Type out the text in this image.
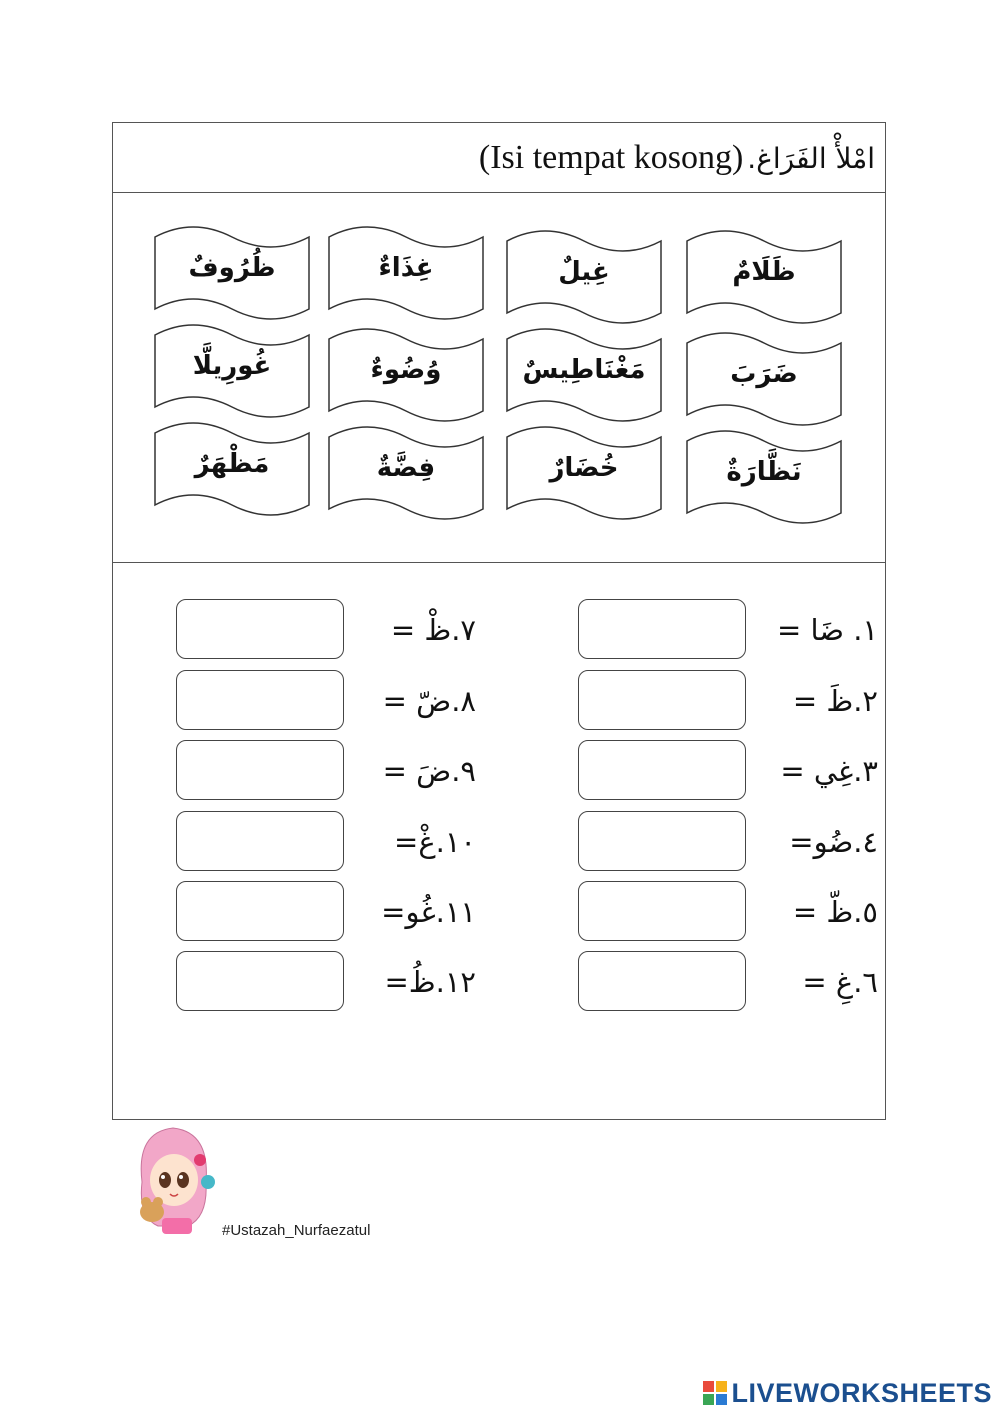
(Isi tempat kosong) امْلأْ الفَرَاغ.
ظَلَامٌ
غِيلٌ
غِذَاءٌ
ظُرُوفٌ
ضَرَبَ
مَغْنَاطِيسٌ
وُضُوءٌ
غُورِيلَّا
نَظَّارَةٌ
خُضَارٌ
فِضَّةٌ
مَظْهَرٌ
١. ضَا =
٢.ظَ =
٣.غِي =
٤.ضُو=
٥.ظّ =
٦.غِ =
٧.ظْ =
٨.ضّ =
٩.ضَ =
١٠.غْ=
١١.غُو=
١٢.ظُ=
#Ustazah_Nurfaezatul
LIVEWORKSHEETS
